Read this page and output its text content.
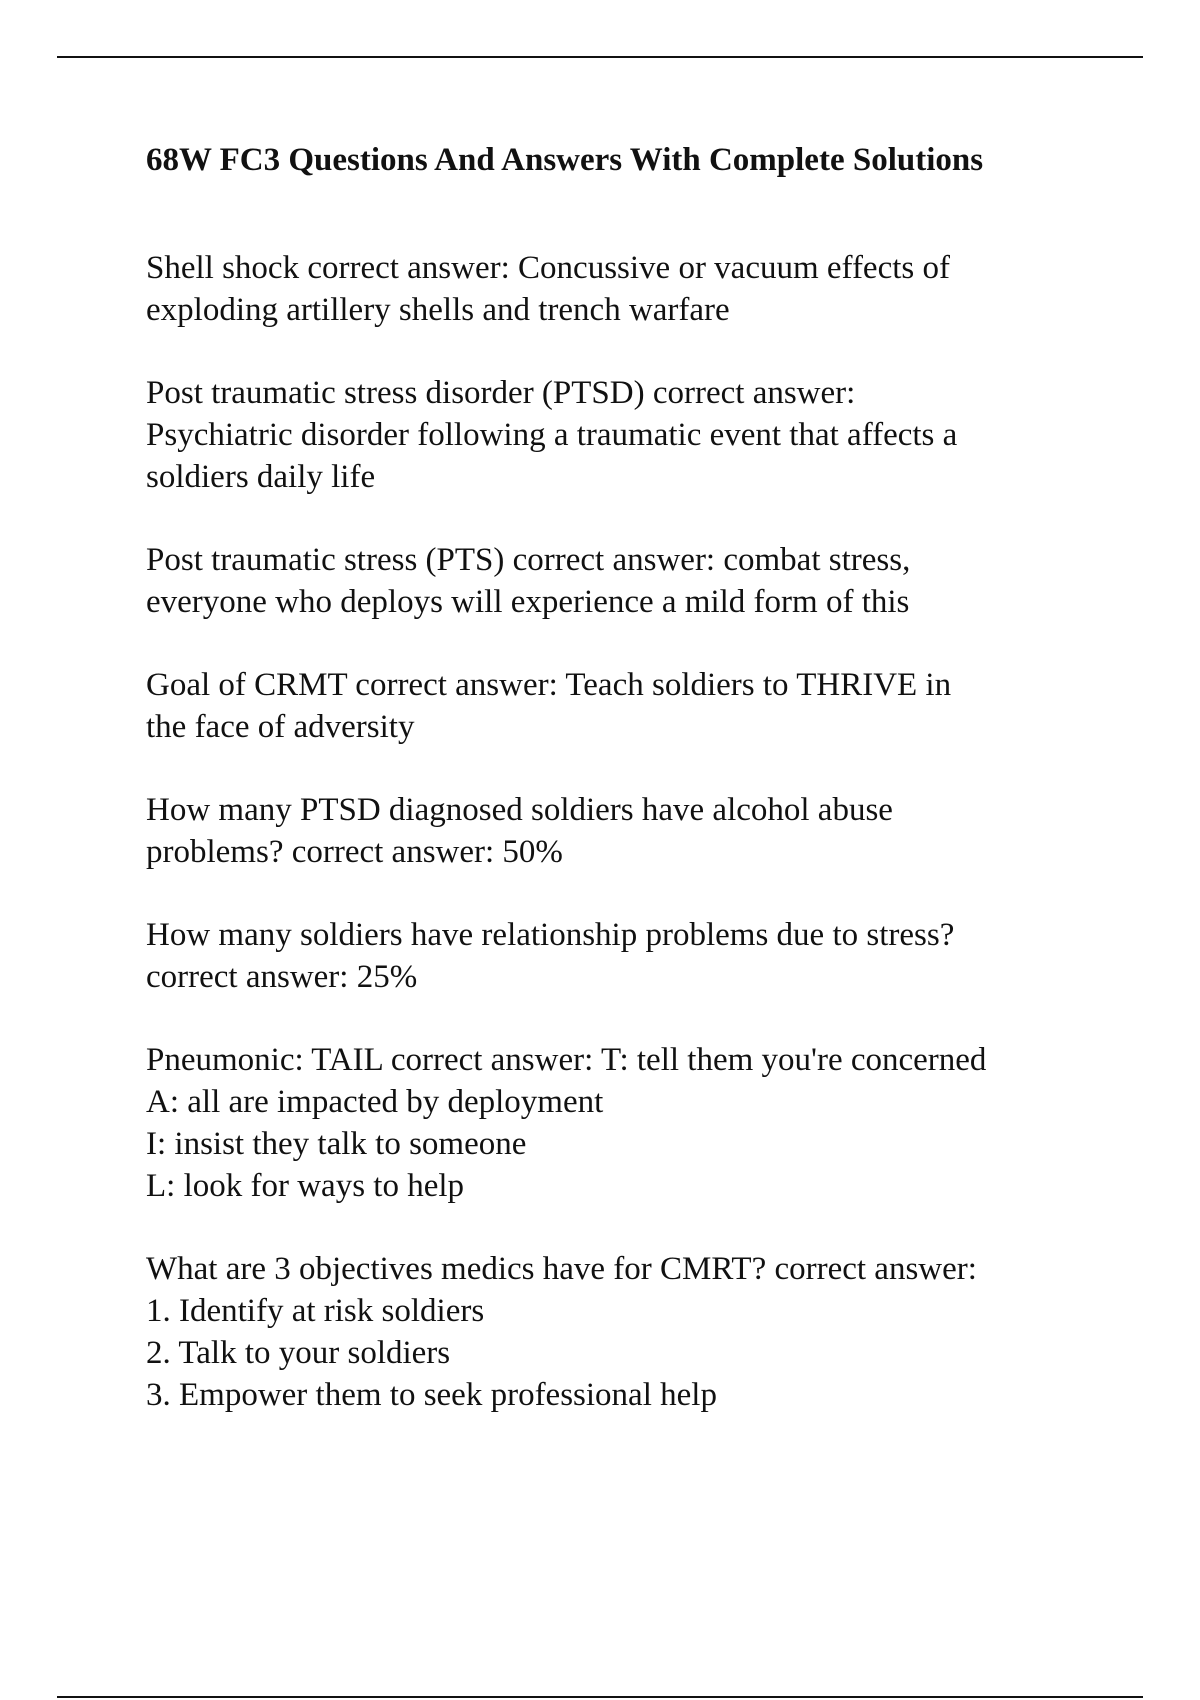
68W FC3 Questions And Answers With Complete Solutions
Shell shock correct answer: Concussive or vacuum effects of
exploding artillery shells and trench warfare
Post traumatic stress disorder (PTSD) correct answer:
Psychiatric disorder following a traumatic event that affects a
soldiers daily life
Post traumatic stress (PTS) correct answer: combat stress,
everyone who deploys will experience a mild form of this
Goal of CRMT correct answer: Teach soldiers to THRIVE in
the face of adversity
How many PTSD diagnosed soldiers have alcohol abuse
problems? correct answer: 50%
How many soldiers have relationship problems due to stress?
correct answer: 25%
Pneumonic: TAIL correct answer: T: tell them you're concerned
A: all are impacted by deployment
I: insist they talk to someone
L: look for ways to help
What are 3 objectives medics have for CMRT? correct answer:
1. Identify at risk soldiers
2. Talk to your soldiers
3. Empower them to seek professional help
